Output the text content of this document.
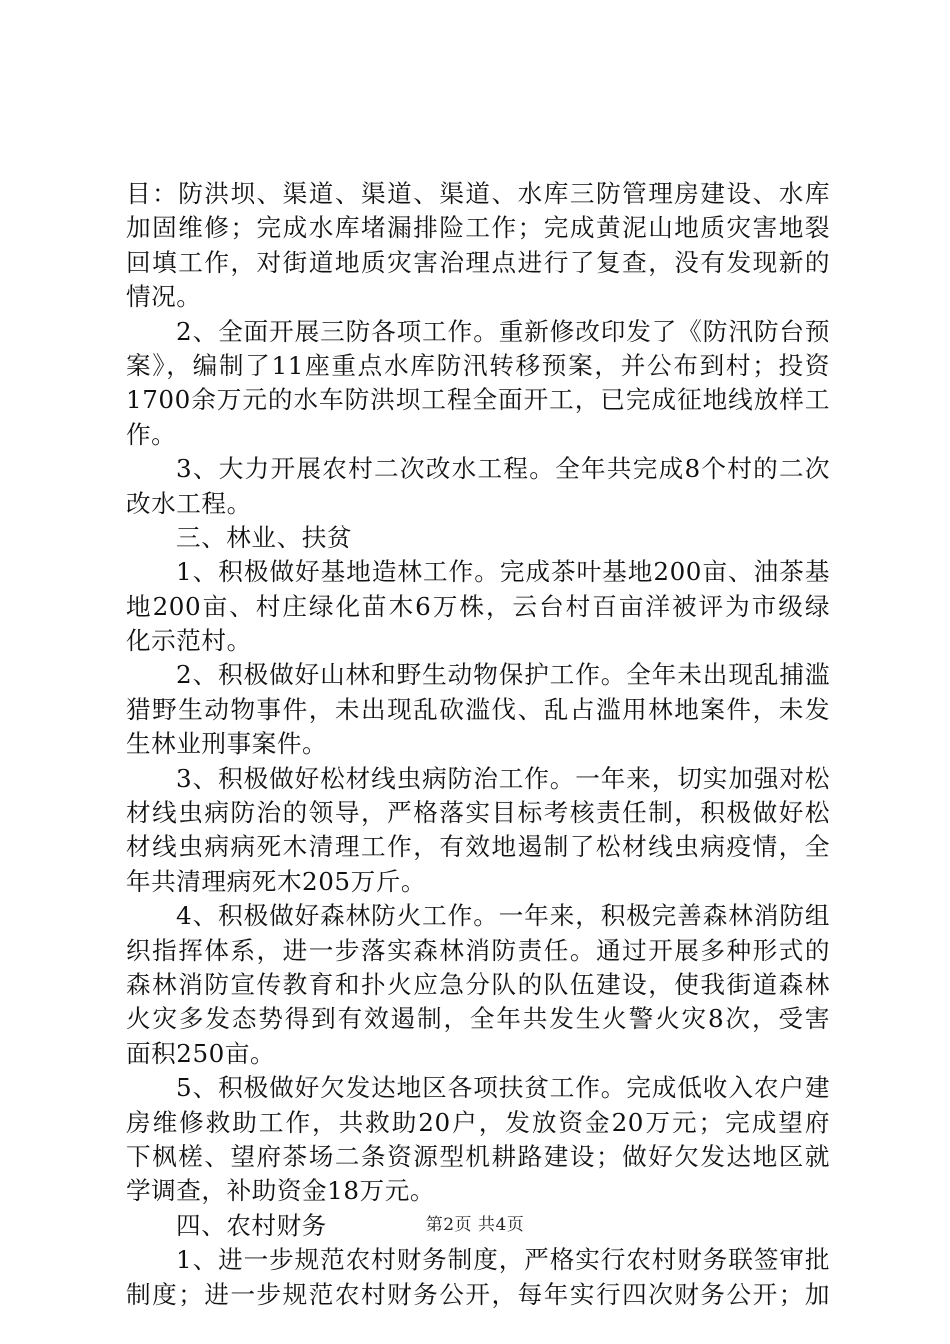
目：防洪坝、渠道、渠道、渠道、水库三防管理房建设、水库
加固维修；完成水库堵漏排险工作；完成黄泥山地质灾害地裂
回填工作，对街道地质灾害治理点进行了复查，没有发现新的
情况。
2、全面开展三防各项工作。重新修改印发了《防汛防台预
案》，编制了11座重点水库防汛转移预案，并公布到村；投资
1700余万元的水车防洪坝工程全面开工，已完成征地线放样工
作。
3、大力开展农村二次改水工程。全年共完成8个村的二次
改水工程。
三、林业、扶贫
1、积极做好基地造林工作。完成茶叶基地200亩、油茶基
地200亩、村庄绿化苗木6万株，云台村百亩洋被评为市级绿
化示范村。
2、积极做好山林和野生动物保护工作。全年未出现乱捕滥
猎野生动物事件，未出现乱砍滥伐、乱占滥用林地案件，未发
生林业刑事案件。
3、积极做好松材线虫病防治工作。一年来，切实加强对松
材线虫病防治的领导，严格落实目标考核责任制，积极做好松
材线虫病病死木清理工作，有效地遏制了松材线虫病疫情，全
年共清理病死木205万斤。
4、积极做好森林防火工作。一年来，积极完善森林消防组
织指挥体系，进一步落实森林消防责任。通过开展多种形式的
森林消防宣传教育和扑火应急分队的队伍建设，使我街道森林
火灾多发态势得到有效遏制，全年共发生火警火灾8次，受害
面积250亩。
5、积极做好欠发达地区各项扶贫工作。完成低收入农户建
房维修救助工作，共救助20户，发放资金20万元；完成望府
下枫槎、望府茶场二条资源型机耕路建设；做好欠发达地区就
学调查，补助资金18万元。
四、农村财务
1、进一步规范农村财务制度，严格实行农村财务联签审批
制度；进一步规范农村财务公开，每年实行四次财务公开；加
第2页 共4页
